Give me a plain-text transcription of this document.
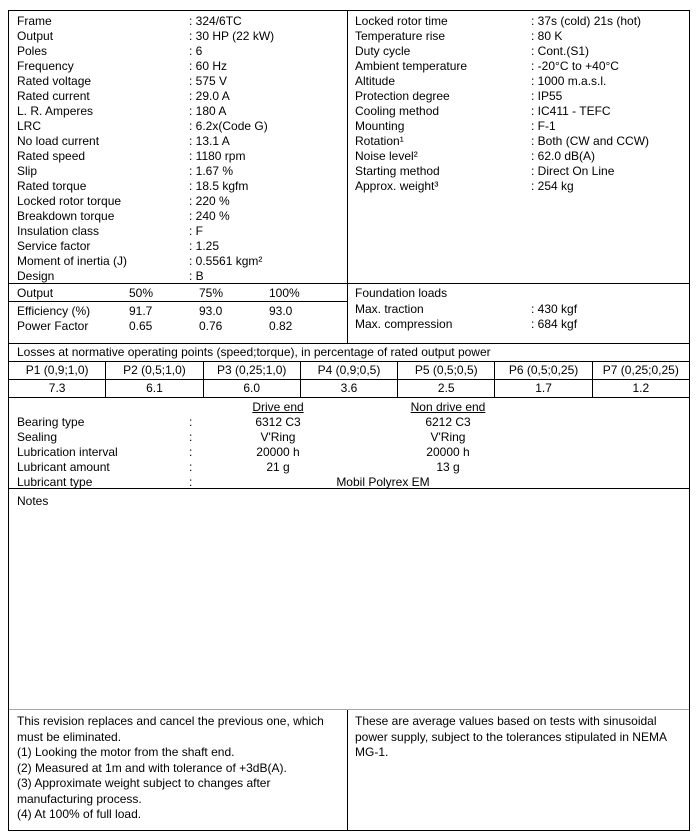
Frame	: 324/6TC
Output	: 30 HP (22 kW)
Poles	: 6
Frequency	: 60 Hz
Rated voltage	: 575 V
Rated current	: 29.0 A
L. R. Amperes	: 180 A
LRC	: 6.2x(Code G)
No load current	: 13.1 A
Rated speed	: 1180 rpm
Slip	: 1.67 %
Rated torque	: 18.5 kgfm
Locked rotor torque	: 220 %
Breakdown torque	: 240 %
Insulation class	: F
Service factor	: 1.25
Moment of inertia (J)	: 0.5561 kgm²
Design	: B
Locked rotor time	: 37s (cold) 21s (hot)
Temperature rise	: 80 K
Duty cycle	: Cont.(S1)
Ambient temperature	: -20°C to +40°C
Altitude	: 1000 m.a.s.l.
Protection degree	: IP55
Cooling method	: IC411 - TEFC
Mounting	: F-1
Rotation¹	: Both (CW and CCW)
Noise level²	: 62.0 dB(A)
Starting method	: Direct On Line
Approx. weight³	: 254 kg
Output	50%	75%	100%
Efficiency (%)	91.7	93.0	93.0
Power Factor	0.65	0.76	0.82
Foundation loads
Max. traction	: 430 kgf
Max. compression	: 684 kgf
Losses at normative operating points (speed;torque), in percentage of rated output power
P1 (0,9;1,0)	P2 (0,5;1,0)	P3 (0,25;1,0)	P4 (0,9;0,5)	P5 (0,5;0,5)	P6 (0,5;0,25)	P7 (0,25;0,25)
7.3	6.1	6.0	3.6	2.5	1.7	1.2
Drive end	Non drive end
Bearing type :	6312 C3	6212 C3
Sealing :	V'Ring	V'Ring
Lubrication interval :	20000 h	20000 h
Lubricant amount :	21 g	13 g
Lubricant type :	Mobil Polyrex EM
Notes

This revision replaces and cancel the previous one, which must be eliminated.

(1) Looking the motor from the shaft end.

(2) Measured at 1m and with tolerance of +3dB(A).

(3) Approximate weight subject to changes after manufacturing process.

(4) At 100% of full load.

These are average values based on tests with sinusoidal power supply, subject to the tolerances stipulated in NEMA MG-1.
